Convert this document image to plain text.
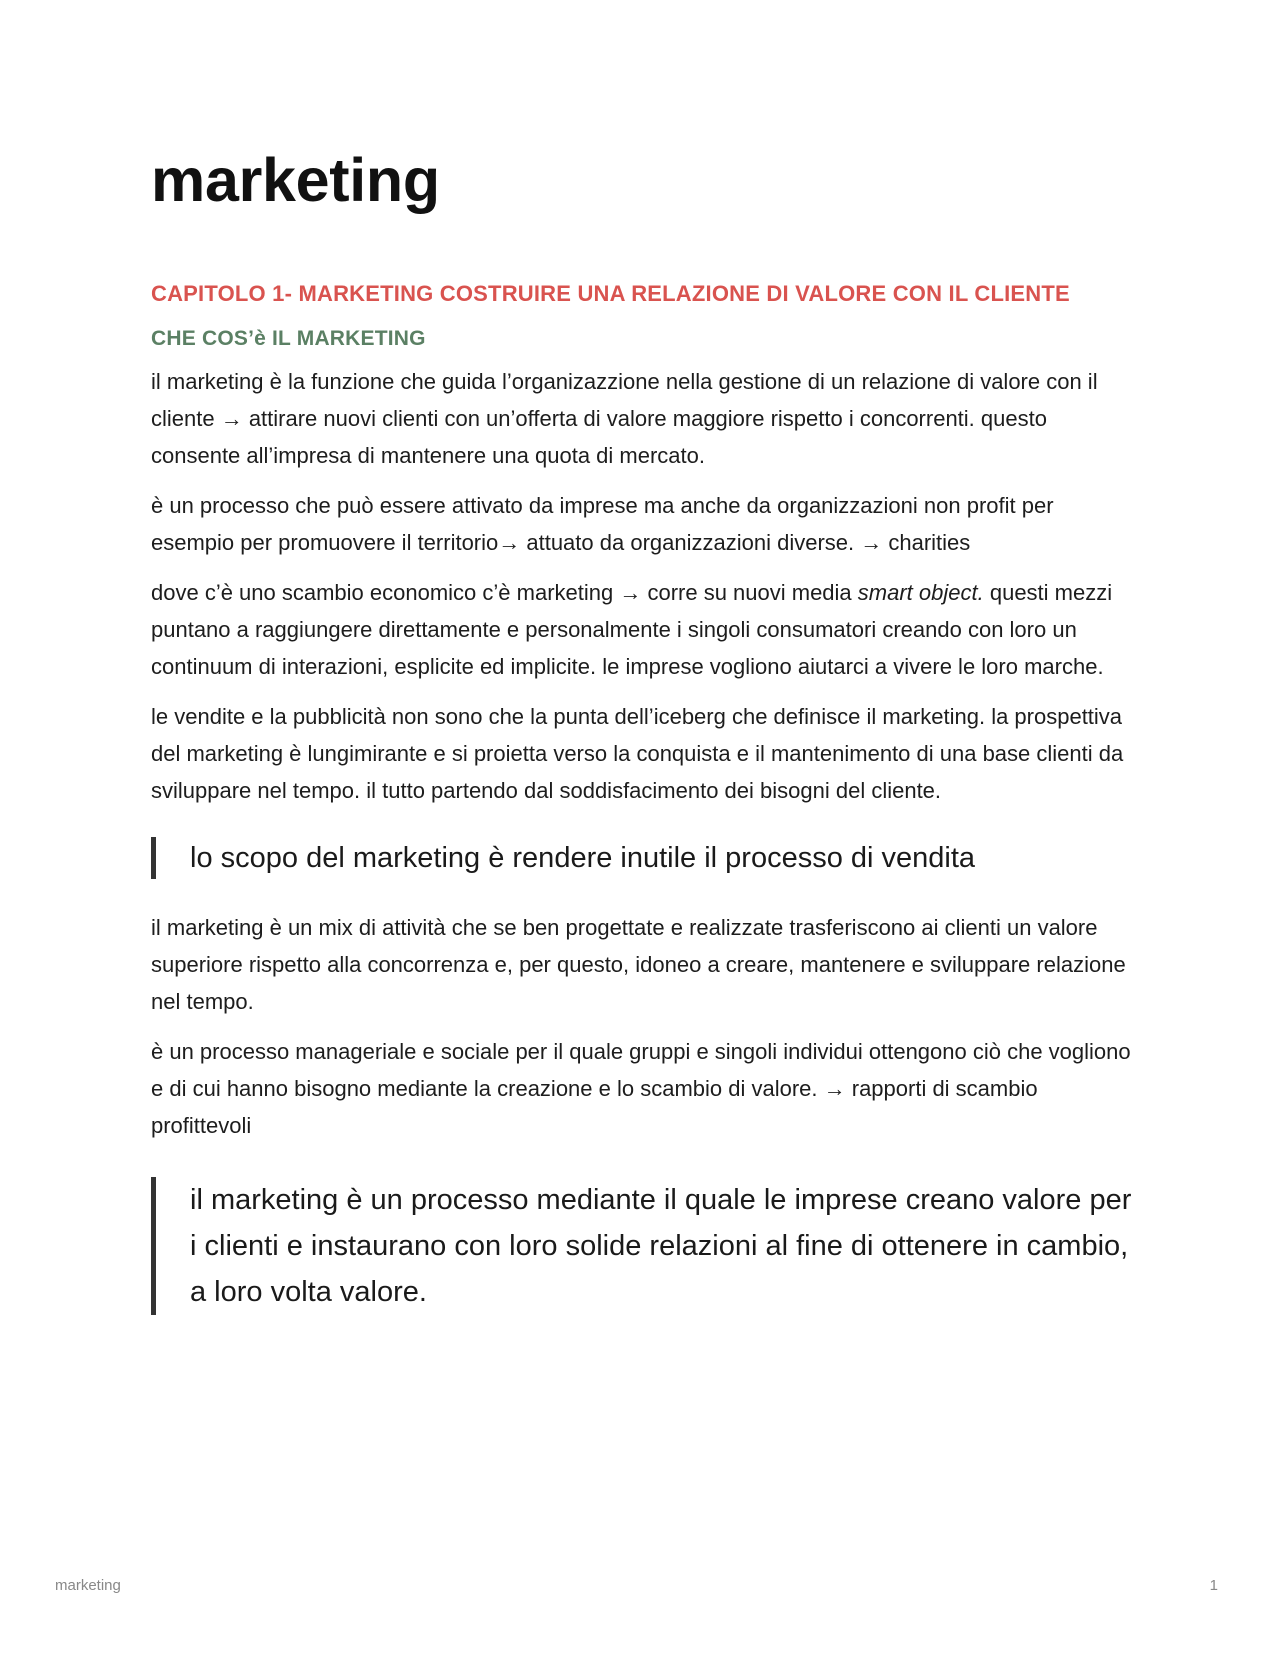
marketing
CAPITOLO 1- MARKETING COSTRUIRE UNA RELAZIONE DI VALORE CON IL CLIENTE
CHE COS’è IL MARKETING

il marketing è la funzione che guida l’organizazzione nella gestione di un relazione di valore con il cliente → attirare nuovi clienti con un’offerta di valore maggiore rispetto i concorrenti. questo consente all’impresa di mantenere una quota di mercato.

è un processo che può essere attivato da imprese ma anche da organizzazioni non profit per esempio per promuovere il territorio→ attuato da organizzazioni diverse. → charities

dove c’è uno scambio economico c’è marketing → corre su nuovi media smart object. questi mezzi puntano a raggiungere direttamente e personalmente i singoli consumatori creando con loro un continuum di interazioni, esplicite ed implicite. le imprese vogliono aiutarci a vivere le loro marche.

le vendite e la pubblicità non sono che la punta dell’iceberg che definisce il marketing. la prospettiva del marketing è lungimirante e si proietta verso la conquista e il mantenimento di una base clienti da sviluppare nel tempo. il tutto partendo dal soddisfacimento dei bisogni del cliente.

lo scopo del marketing è rendere inutile il processo di vendita

il marketing è un mix di attività che se ben progettate e realizzate trasferiscono ai clienti un valore superiore rispetto alla concorrenza e, per questo, idoneo a creare, mantenere e sviluppare relazione nel tempo.

è un processo manageriale e sociale per il quale gruppi e singoli individui ottengono ciò che vogliono e di cui hanno bisogno mediante la creazione e lo scambio di valore. → rapporti di scambio profittevoli

il marketing è un processo mediante il quale le imprese creano valore per i clienti e instaurano con loro solide relazioni al fine di ottenere in cambio, a loro volta valore.
marketing	1
